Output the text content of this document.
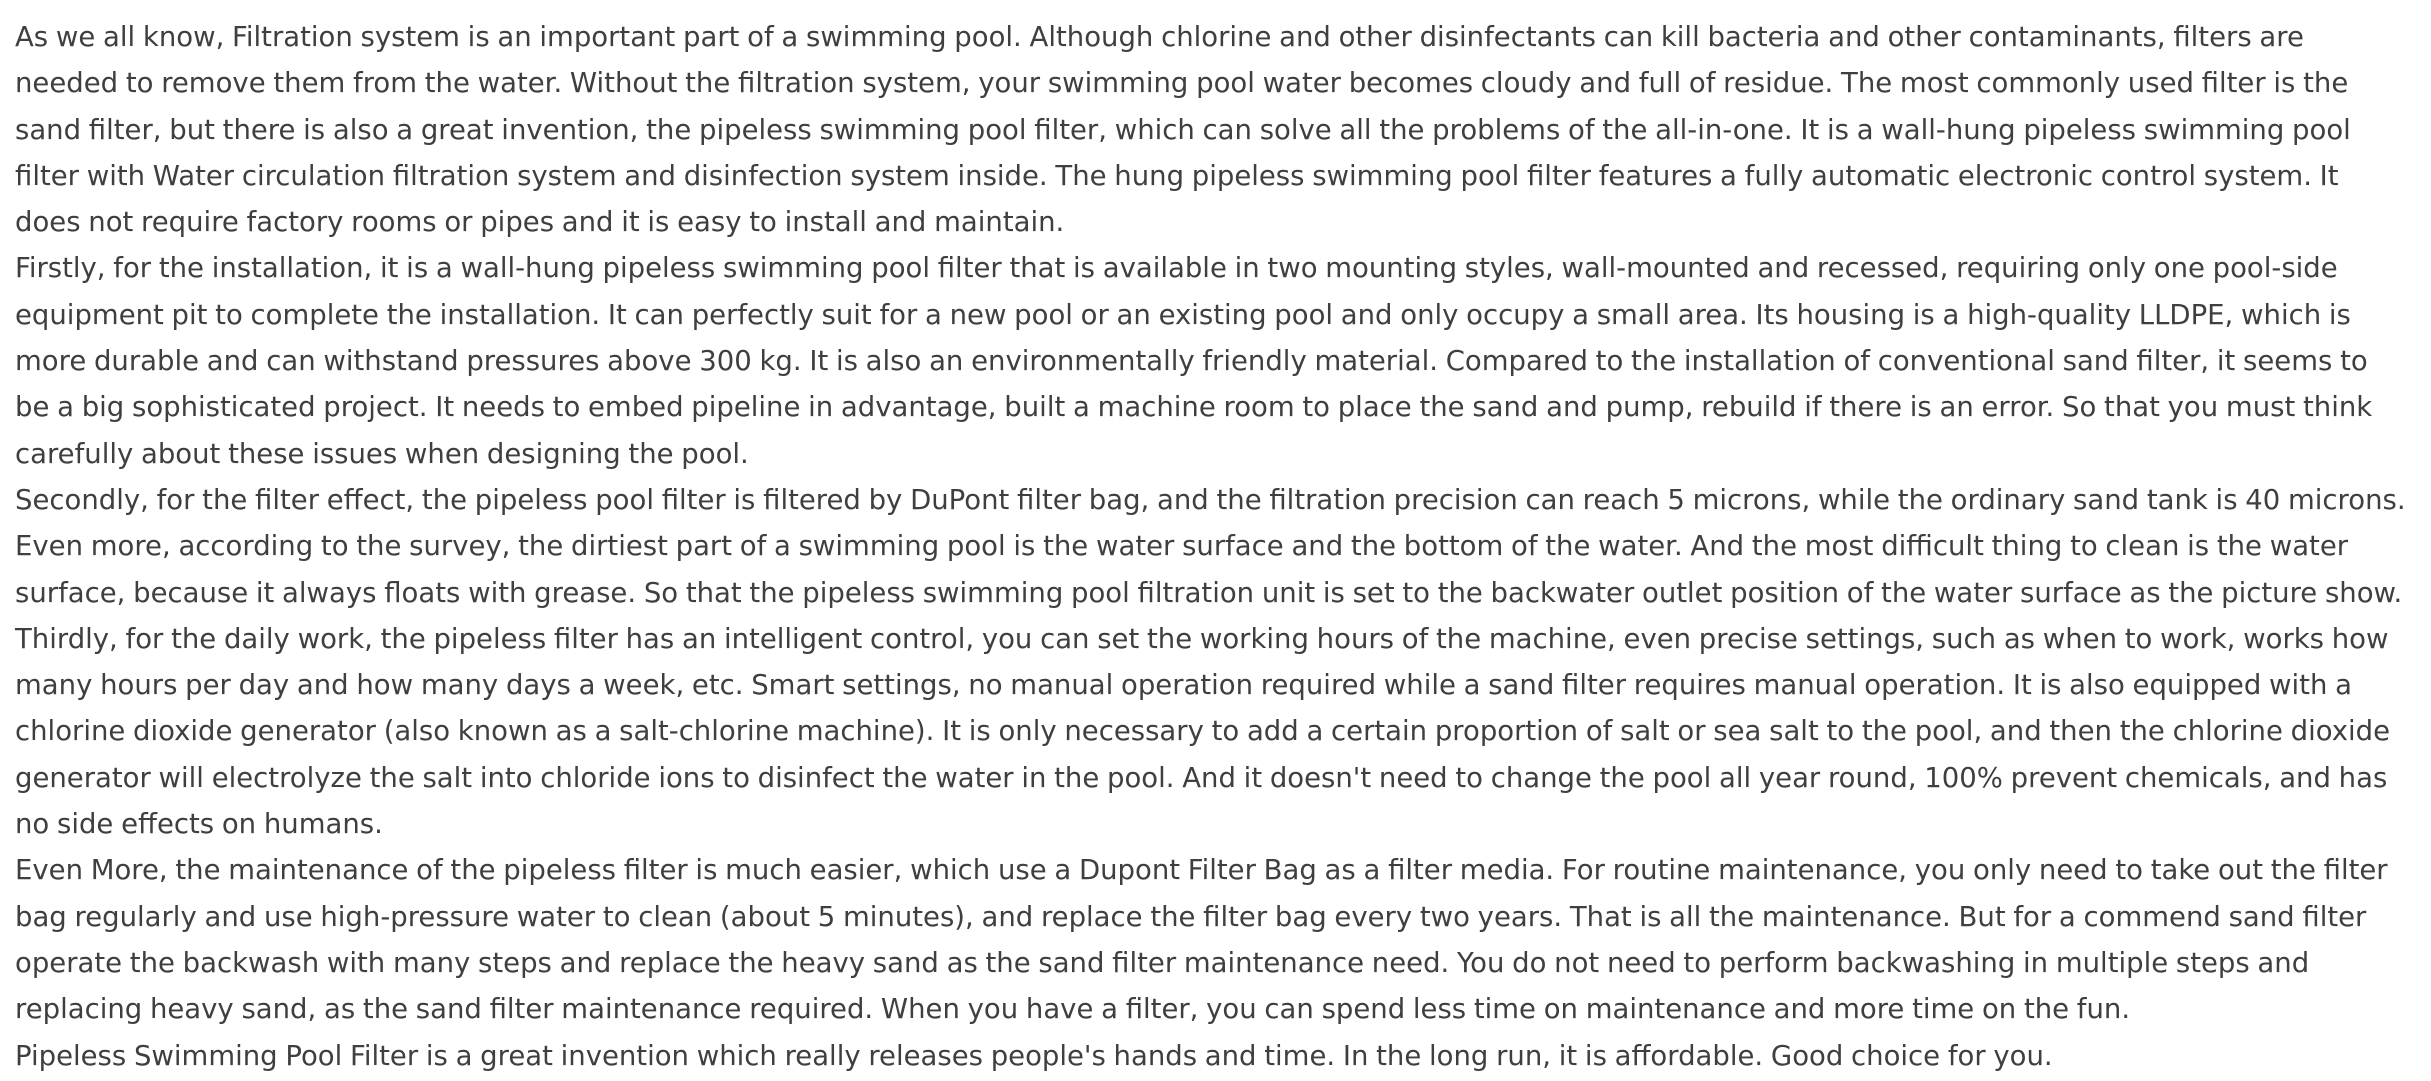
As we all know, Filtration system is an important part of a swimming pool. Although chlorine and other disinfectants can kill bacteria and other contaminants, filters are needed to remove them from the water. Without the filtration system, your swimming pool water becomes cloudy and full of residue. The most commonly used filter is the sand filter, but there is also a great invention, the pipeless swimming pool filter, which can solve all the problems of the all-in-one. It is a wall-hung pipeless swimming pool filter with Water circulation filtration system and disinfection system inside. The hung pipeless swimming pool filter features a fully automatic electronic control system. It does not require factory rooms or pipes and it is easy to install and maintain.

Firstly, for the installation, it is a wall-hung pipeless swimming pool filter that is available in two mounting styles, wall-mounted and recessed, requiring only one pool-side equipment pit to complete the installation. It can perfectly suit for a new pool or an existing pool and only occupy a small area. Its housing is a high-quality LLDPE, which is more durable and can withstand pressures above 300 kg. It is also an environmentally friendly material. Compared to the installation of conventional sand filter, it seems to be a big sophisticated project. It needs to embed pipeline in advantage, built a machine room to place the sand and pump, rebuild if there is an error. So that you must think carefully about these issues when designing the pool.

Secondly, for the filter effect, the pipeless pool filter is filtered by DuPont filter bag, and the filtration precision can reach 5 microns, while the ordinary sand tank is 40 microns. Even more, according to the survey, the dirtiest part of a swimming pool is the water surface and the bottom of the water. And the most difficult thing to clean is the water surface, because it always floats with grease. So that the pipeless swimming pool filtration unit is set to the backwater outlet position of the water surface as the picture show.

Thirdly, for the daily work, the pipeless filter has an intelligent control, you can set the working hours of the machine, even precise settings, such as when to work, works how many hours per day and how many days a week, etc. Smart settings, no manual operation required while a sand filter requires manual operation. It is also equipped with a chlorine dioxide generator (also known as a salt-chlorine machine). It is only necessary to add a certain proportion of salt or sea salt to the pool, and then the chlorine dioxide generator will electrolyze the salt into chloride ions to disinfect the water in the pool. And it doesn't need to change the pool all year round, 100% prevent chemicals, and has no side effects on humans.

Even More, the maintenance of the pipeless filter is much easier, which use a Dupont Filter Bag as a filter media. For routine maintenance, you only need to take out the filter bag regularly and use high-pressure water to clean (about 5 minutes), and replace the filter bag every two years. That is all the maintenance. But for a commend sand filter operate the backwash with many steps and replace the heavy sand as the sand filter maintenance need. You do not need to perform backwashing in multiple steps and replacing heavy sand, as the sand filter maintenance required. When you have a filter, you can spend less time on maintenance and more time on the fun.

Pipeless Swimming Pool Filter is a great invention which really releases people's hands and time. In the long run, it is affordable. Good choice for you.
